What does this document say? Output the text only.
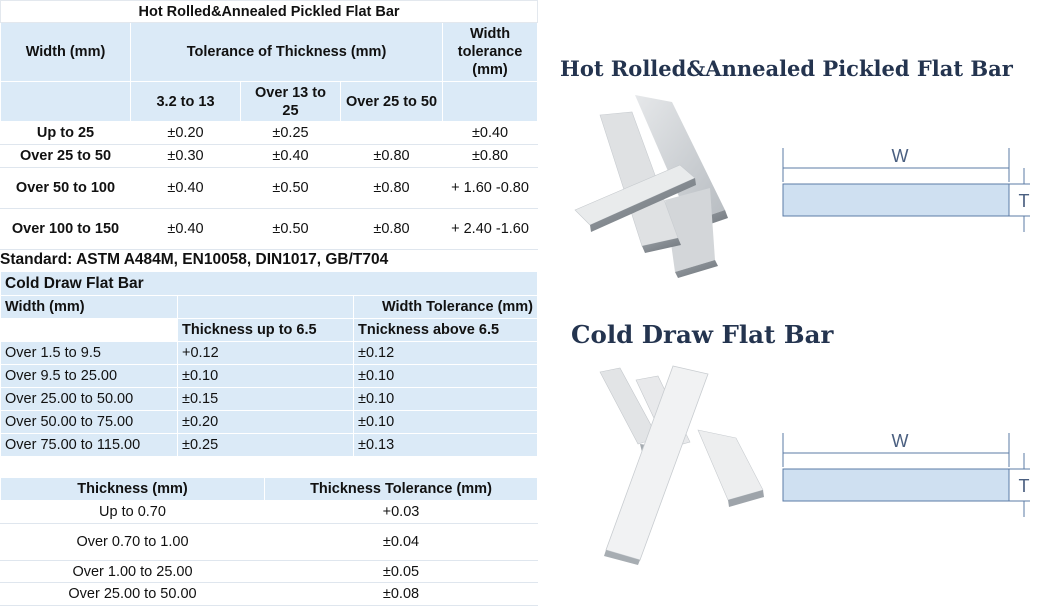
Hot Rolled&Annealed Pickled Flat Bar				
Width (mm)	Tolerance of Thickness (mm)			Width tolerance (mm)
	3.2 to 13	Over 13 to 25	Over 25 to 50	
Up to 25	±0.20	±0.25		±0.40
Over 25 to 50	±0.30	±0.40	±0.80	±0.80
Over 50 to 100	±0.40	±0.50	±0.80	+ 1.60 -0.80
Over 100 to 150	±0.40	±0.50	±0.80	+ 2.40 -1.60
Standard: ASTM A484M, EN10058, DIN1017, GB/T704
Cold Draw Flat Bar		
Width (mm)		Width Tolerance (mm)
	Thickness up to 6.5	Tnickness above 6.5
Over 1.5 to 9.5	+0.12	±0.12
Over 9.5 to 25.00	±0.10	±0.10
Over 25.00 to 50.00	±0.15	±0.10
Over 50.00 to 75.00	±0.20	±0.10
Over 75.00 to 115.00	±0.25	±0.13
Thickness (mm)	Thickness Tolerance (mm)
Up to 0.70	+0.03
Over 0.70 to 1.00	±0.04
Over 1.00 to 25.00	±0.05
Over 25.00 to 50.00	±0.08
Hot Rolled&Annealed Pickled Flat Bar
Cold Draw Flat Bar
W
T
W
T
